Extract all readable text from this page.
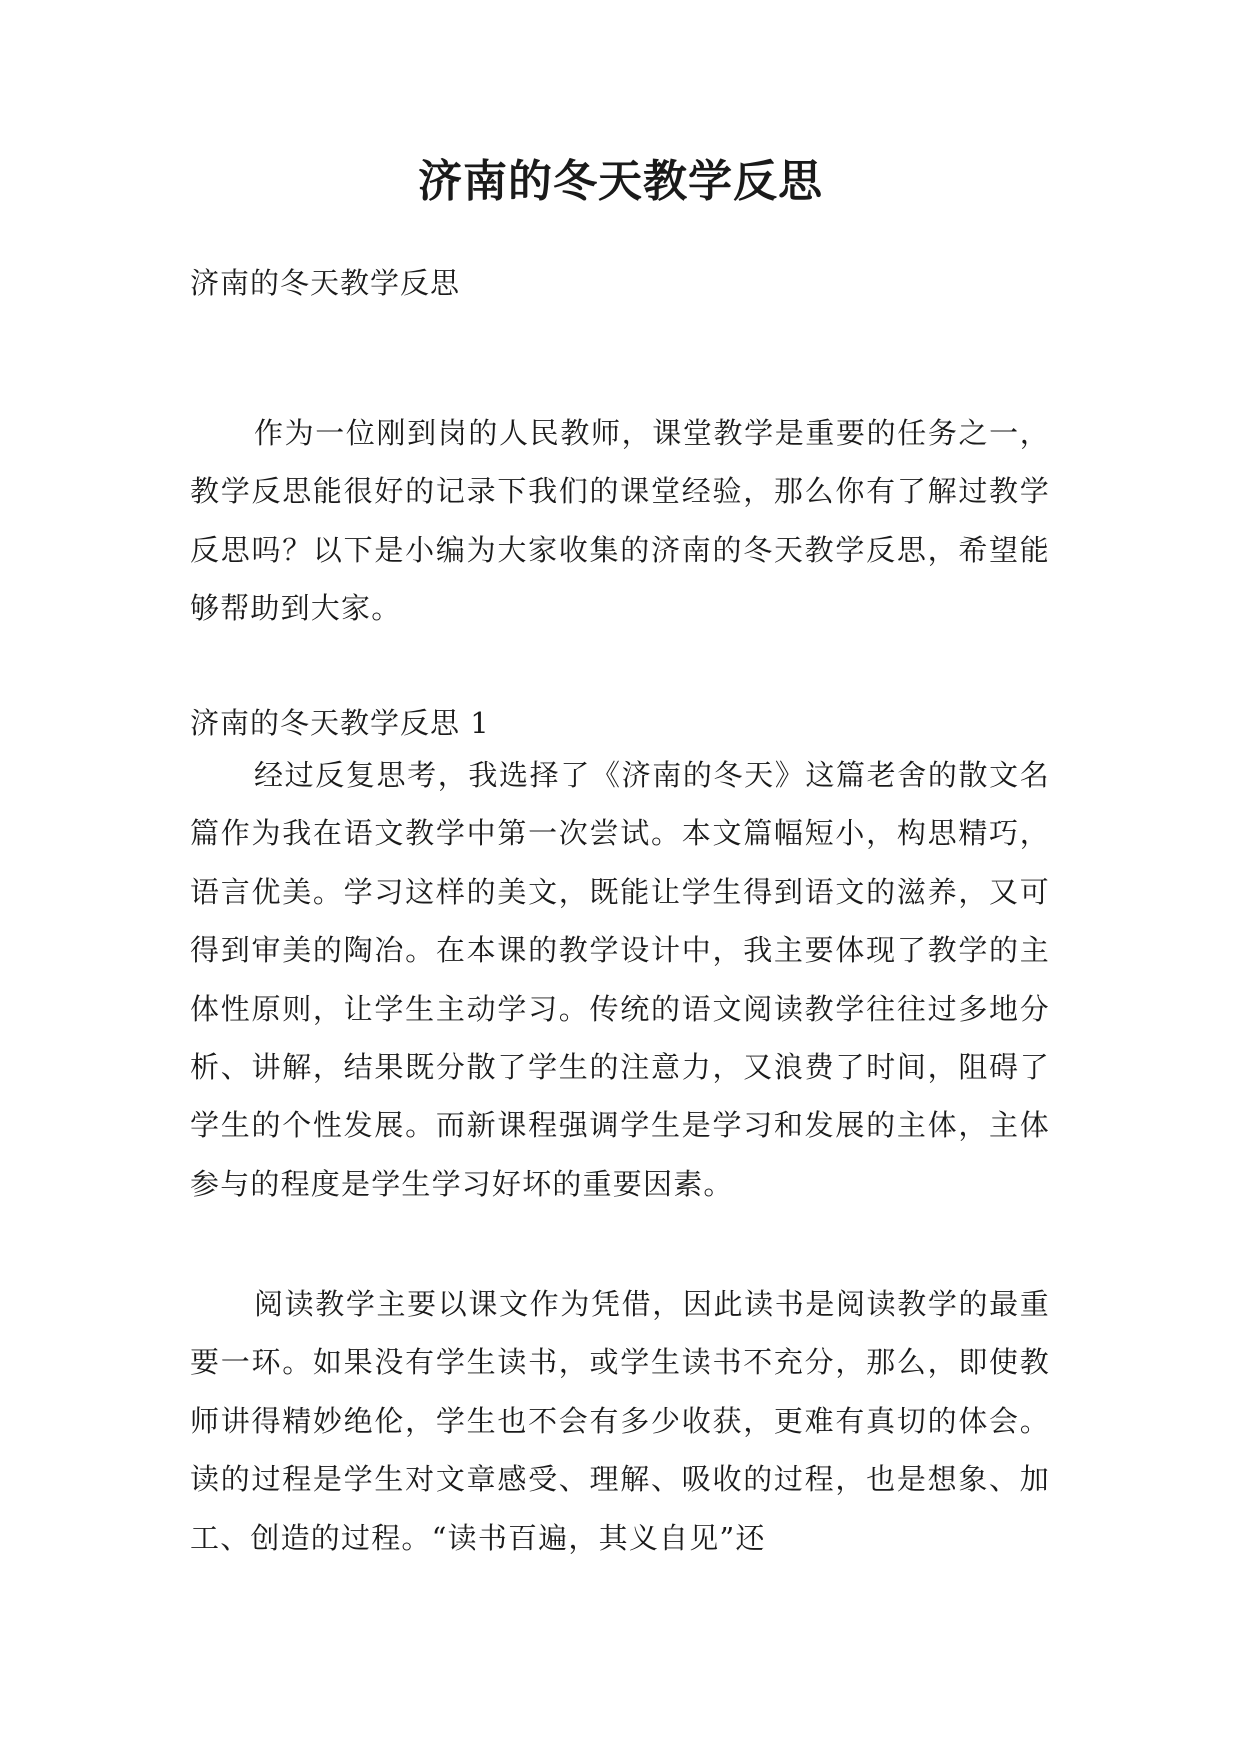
济南的冬天教学反思

济南的冬天教学反思

作为一位刚到岗的人民教师，课堂教学是重要的任务之一，教学反思能很好的记录下我们的课堂经验，那么你有了解过教学反思吗？以下是小编为大家收集的济南的冬天教学反思，希望能够帮助到大家。

济南的冬天教学反思 1

经过反复思考，我选择了《济南的冬天》这篇老舍的散文名篇作为我在语文教学中第一次尝试。本文篇幅短小，构思精巧，语言优美。学习这样的美文，既能让学生得到语文的滋养，又可得到审美的陶冶。在本课的教学设计中，我主要体现了教学的主体性原则，让学生主动学习。传统的语文阅读教学往往过多地分析、讲解，结果既分散了学生的注意力，又浪费了时间，阻碍了学生的个性发展。而新课程强调学生是学习和发展的主体，主体参与的程度是学生学习好坏的重要因素。

阅读教学主要以课文作为凭借，因此读书是阅读教学的最重要一环。如果没有学生读书，或学生读书不充分，那么，即使教师讲得精妙绝伦，学生也不会有多少收获，更难有真切的体会。读的过程是学生对文章感受、理解、吸收的过程，也是想象、加工、创造的过程。“读书百遍，其义自见”还
